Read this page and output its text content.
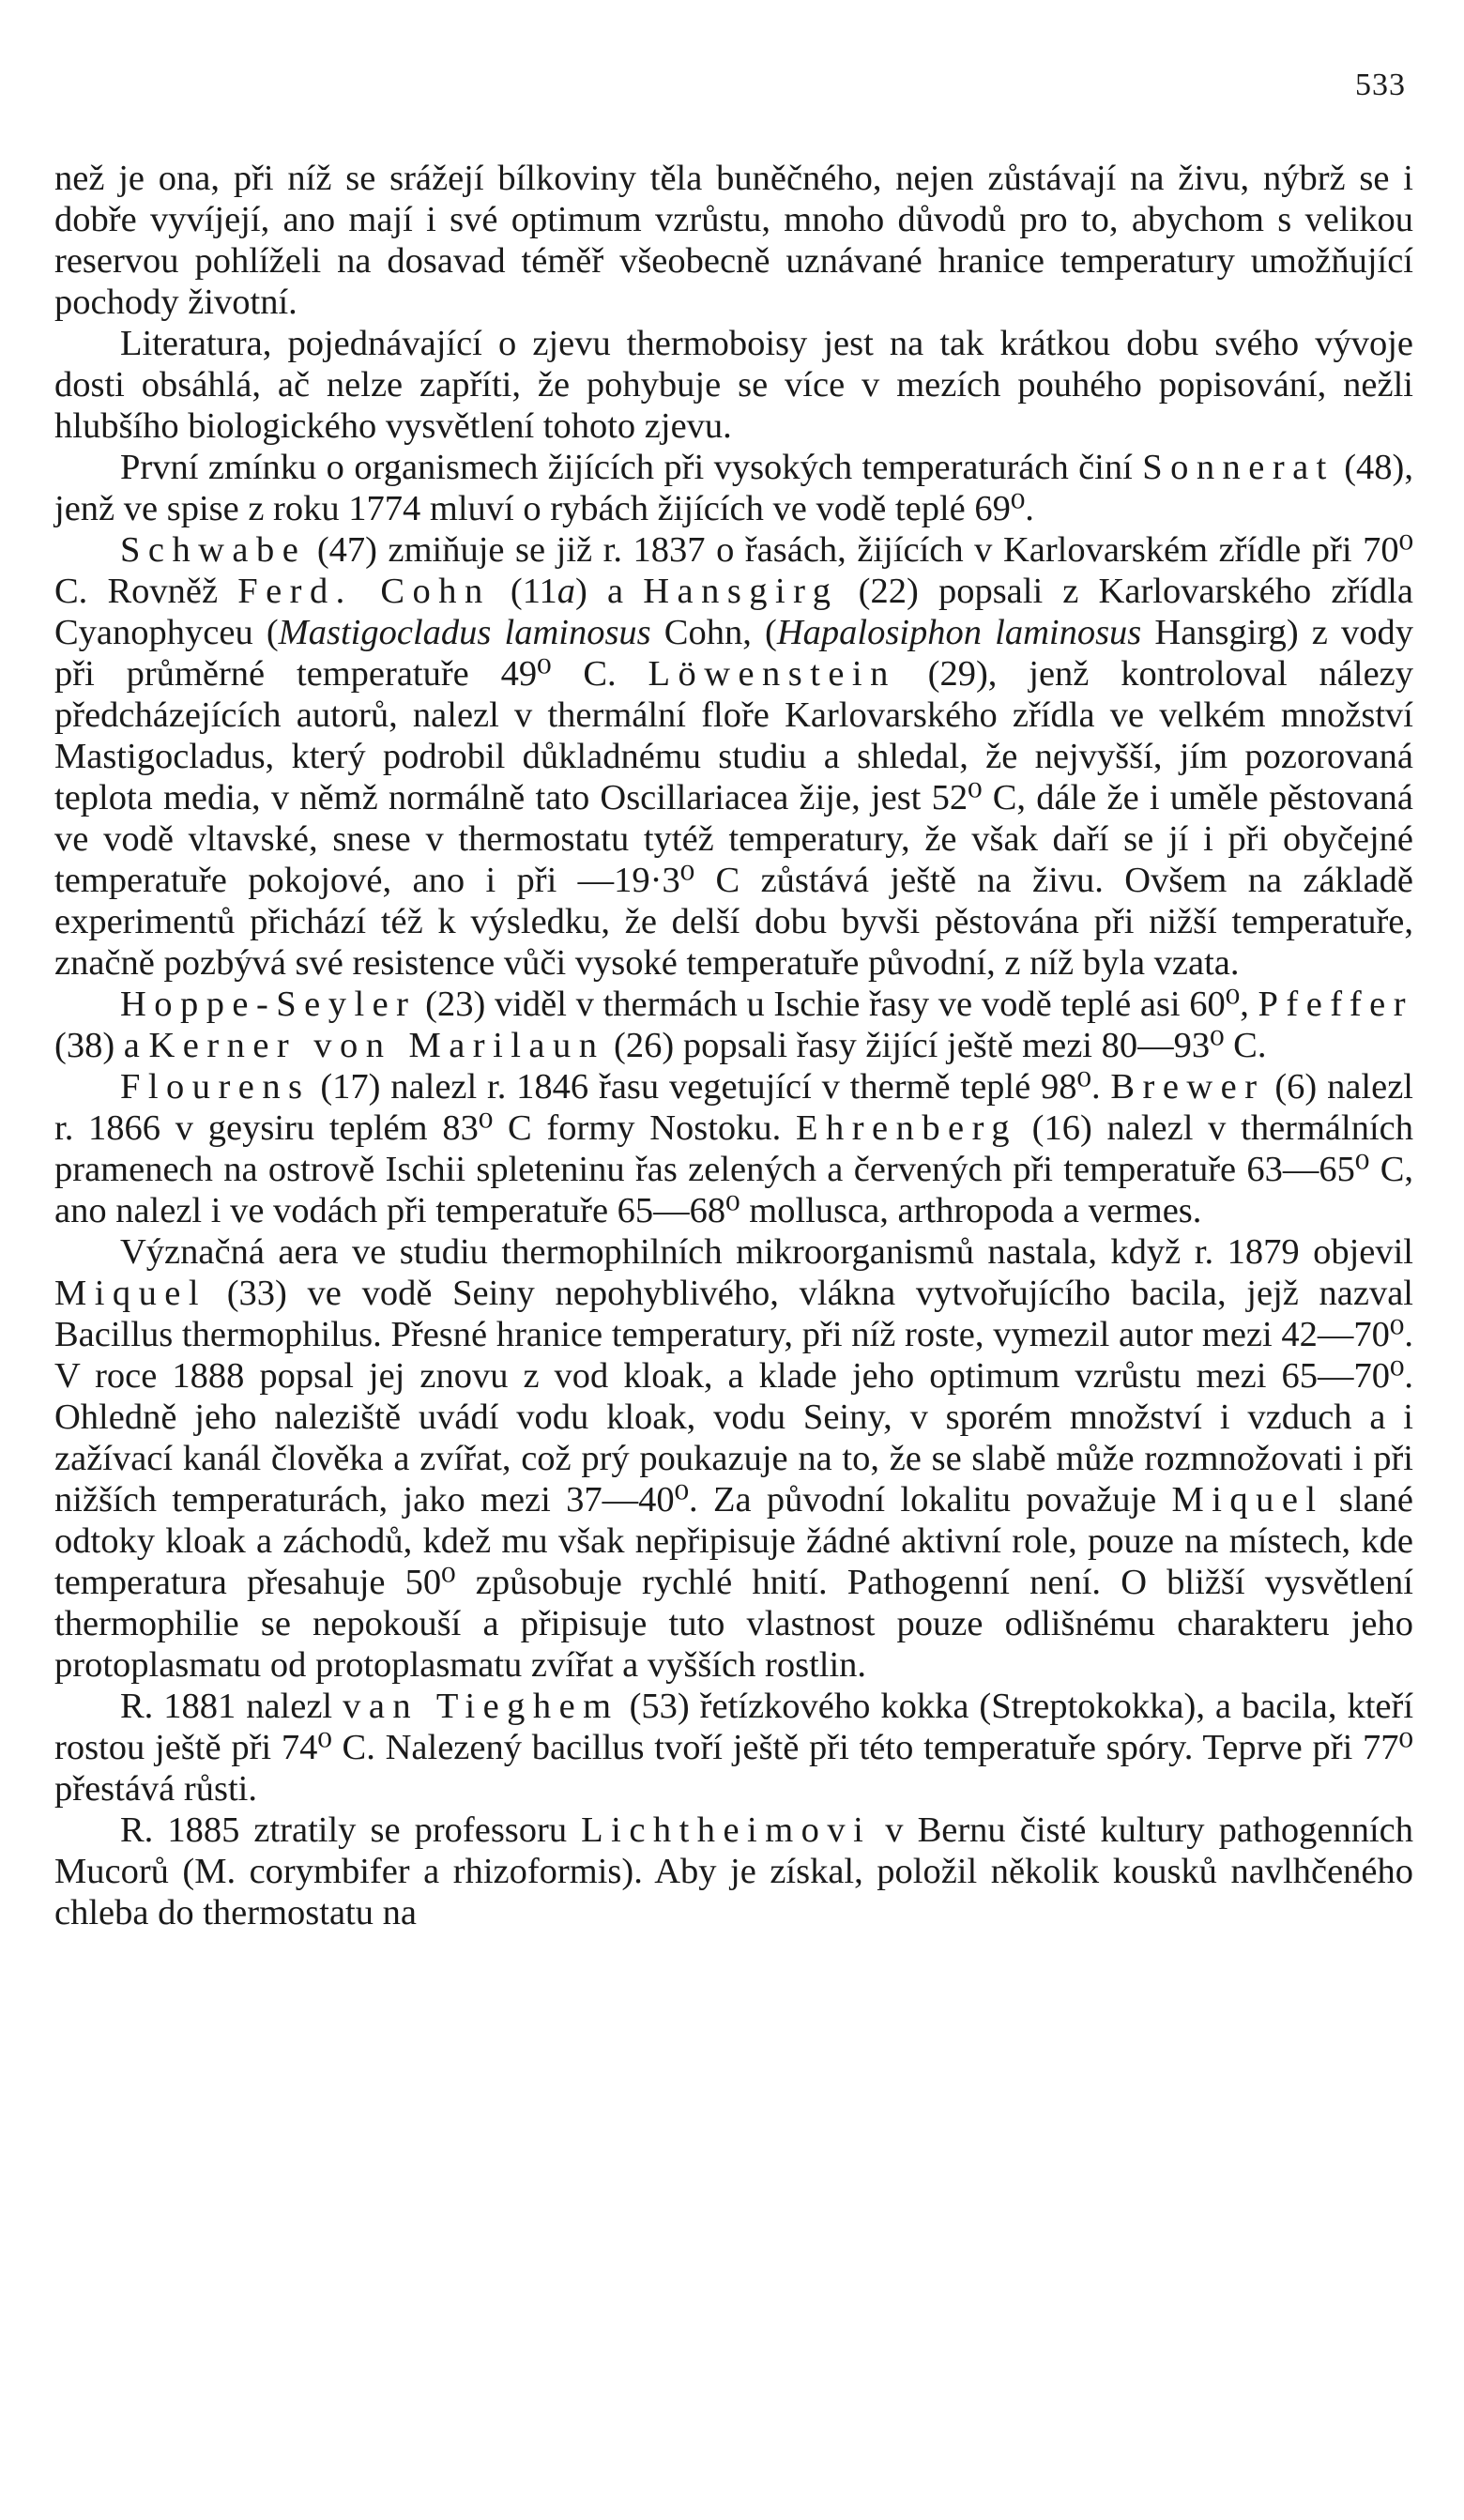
533

než je ona, při níž se srážejí bílkoviny těla buněčného, nejen zůstávají na živu, nýbrž se i dobře vyvíjejí, ano mají i své optimum vzrůstu, mnoho důvodů pro to, abychom s velikou reservou pohlíželi na dosavad téměř všeobecně uznávané hranice temperatury umožňující pochody životní.

Literatura, pojednávající o zjevu thermoboisy jest na tak krátkou dobu svého vývoje dosti obsáhlá, ač nelze zapříti, že pohybuje se více v mezích pouhého popisování, nežli hlubšího biologického vysvětlení tohoto zjevu.

První zmínku o organismech žijících při vysokých temperaturách činí Sonnerat (48), jenž ve spise z roku 1774 mluví o rybách žijících ve vodě teplé 69⁰.

Schwabe (47) zmiňuje se již r. 1837 o řasách, žijících v Karlovarském zřídle při 70⁰ C. Rovněž Ferd. Cohn (11a) a Hansgirg (22) popsali z Karlovarského zřídla Cyanophyceu (Mastigocladus laminosus Cohn, (Hapalosiphon laminosus Hansgirg) z vody při průměrné temperatuře 49⁰ C. Löwenstein (29), jenž kontroloval nálezy předcházejících autorů, nalezl v thermální floře Karlovarského zřídla ve velkém množství Mastigocladus, který podrobil důkladnému studiu a shledal, že nejvyšší, jím pozorovaná teplota media, v němž normálně tato Oscillariacea žije, jest 52⁰ C, dále že i uměle pěstovaná ve vodě vltavské, snese v thermostatu tytéž temperatury, že však daří se jí i při obyčejné temperatuře pokojové, ano i při —19·3⁰ C zůstává ještě na živu. Ovšem na základě experimentů přichází též k výsledku, že delší dobu byvši pěstována při nižší temperatuře, značně pozbývá své resistence vůči vysoké temperatuře původní, z níž byla vzata.

Hoppe-Seyler (23) viděl v thermách u Ischie řasy ve vodě teplé asi 60⁰, Pfeffer (38) a Kerner von Marilaun (26) popsali řasy žijící ještě mezi 80—93⁰ C.

Flourens (17) nalezl r. 1846 řasu vegetující v thermě teplé 98⁰. Brewer (6) nalezl r. 1866 v geysiru teplém 83⁰ C formy Nostoku. Ehrenberg (16) nalezl v thermálních pramenech na ostrově Ischii spleteninu řas zelených a červených při temperatuře 63—65⁰ C, ano nalezl i ve vodách při temperatuře 65—68⁰ mollusca, arthropoda a vermes.

Význačná aera ve studiu thermophilních mikroorganismů nastala, když r. 1879 objevil Miquel (33) ve vodě Seiny nepohyblivého, vlákna vytvořujícího bacila, jejž nazval Bacillus thermophilus. Přesné hranice temperatury, při níž roste, vymezil autor mezi 42—70⁰. V roce 1888 popsal jej znovu z vod kloak, a klade jeho optimum vzrůstu mezi 65—70⁰. Ohledně jeho naleziště uvádí vodu kloak, vodu Seiny, v sporém množství i vzduch a i zažívací kanál člověka a zvířat, což prý poukazuje na to, že se slabě může rozmnožovati i při nižších temperaturách, jako mezi 37—40⁰. Za původní lokalitu považuje Miquel slané odtoky kloak a záchodů, kdež mu však nepřipisuje žádné aktivní role, pouze na místech, kde temperatura přesahuje 50⁰ způsobuje rychlé hnití. Pathogenní není. O bližší vysvětlení thermophilie se nepokouší a připisuje tuto vlastnost pouze odlišnému charakteru jeho protoplasmatu od protoplasmatu zvířat a vyšších rostlin.

R. 1881 nalezl van Tieghem (53) řetízkového kokka (Streptokokka), a bacila, kteří rostou ještě při 74⁰ C. Nalezený bacillus tvoří ještě při této temperatuře spóry. Teprve při 77⁰ přestává růsti.

R. 1885 ztratily se professoru Lichtheimovi v Bernu čisté kultury pathogenních Mucorů (M. corymbifer a rhizoformis). Aby je získal, položil několik kousků navlhčeného chleba do thermostatu na
